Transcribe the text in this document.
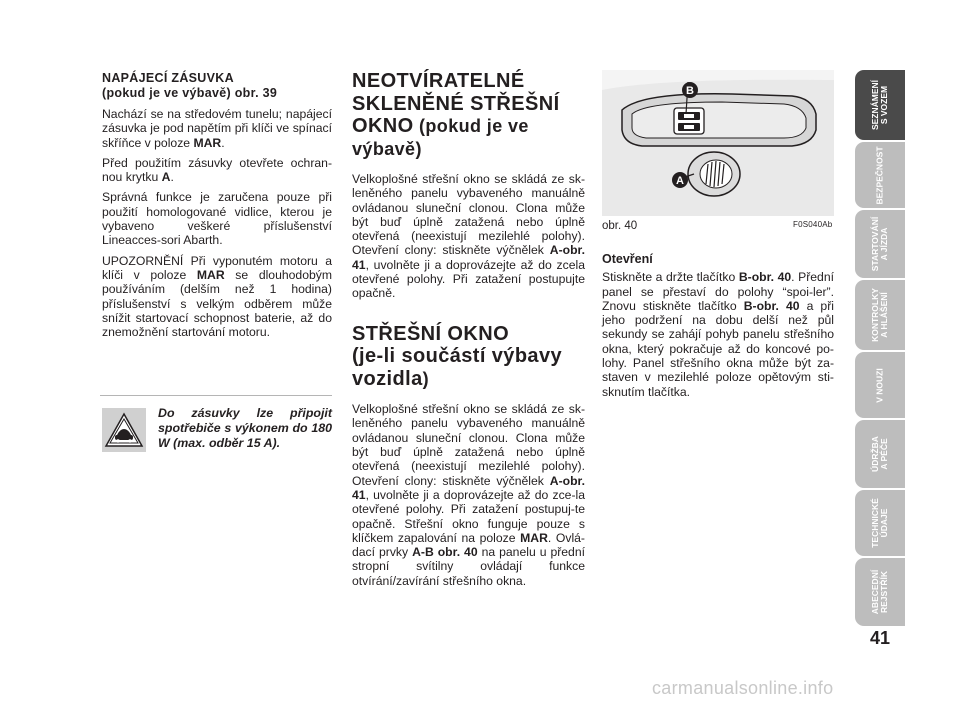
NAPÁJECÍ ZÁSUVKA
(pokud je ve výbavě) obr. 39

Nachází se na středovém tunelu; napájecí zásuvka je pod napětím při klíči ve spínací skříňce v poloze MAR.

Před použitím zásuvky otevřete ochran-nou krytku A.

Správná funkce je zaručena pouze při použití homologované vidlice, kterou je vybaveno veškeré příslušenství Lineacces-sori Abarth.

UPOZORNĚNÍ Při vyponutém motoru a klíči v poloze MAR se dlouhodobým používáním (delším než 1 hodina) příslušenství s velkým odběrem může snížit startovací schopnost baterie, až do znemožnění startování motoru.

Do zásuvky lze připojit spotřebiče s výkonem do 180 W (max. odběr 15 A).
NEOTVÍRATELNÉ
SKLENĚNÉ STŘEŠNÍ
OKNO (pokud je ve výbavě)

Velkoplošné střešní okno se skládá ze sk-leněného panelu vybaveného manuálně ovládanou sluneční clonou. Clona může být buď úplně zatažená nebo úplně otevřená (neexistují mezilehlé polohy). Otevření clony: stiskněte výčnělek A-obr. 41, uvolněte ji a doprovázejte až do zcela otevřené polohy. Při zatažení postupujte opačně.

STŘEŠNÍ OKNO
(je-li součástí výbavy
vozidla)

Velkoplošné střešní okno se skládá ze sk-leněného panelu vybaveného manuálně ovládanou sluneční clonou. Clona může být buď úplně zatažená nebo úplně otevřená (neexistují mezilehlé polohy). Otevření clony: stiskněte výčnělek A-obr. 41, uvolněte ji a doprovázejte až do zce-la otevřené polohy. Při zatažení postupuj-te opačně. Střešní okno funguje pouze s klíčkem zapalování na poloze MAR. Ovlá-dací prvky A-B obr. 40 na panelu u přední stropní svítilny ovládají funkce otvírání/zavírání střešního okna.

B
A
obr. 40	F0S040Ab
Otevření

Stiskněte a držte tlačítko B-obr. 40. Přední panel se přestaví do polohy “spoi-ler”. Znovu stiskněte tlačítko B-obr. 40 a při jeho podržení na dobu delší než půl sekundy se zahájí pohyb panelu střešního okna, který pokračuje až do koncové po-lohy. Panel střešního okna může být za-staven v mezilehlé poloze opětovým sti-sknutím tlačítka.

SEZNÁMENÍ
S VOZEM
BEZPEČNOST
STARTOVÁNÍ
A JÍZDA
KONTROLKY
A HLÁŠENÍ
V NOUZI
ÚDRŽBA
A PÉČE
TECHNICKÉ
ÚDAJE
ABECEDNÍ
REJSTŘÍK
41
carmanualsonline.info
